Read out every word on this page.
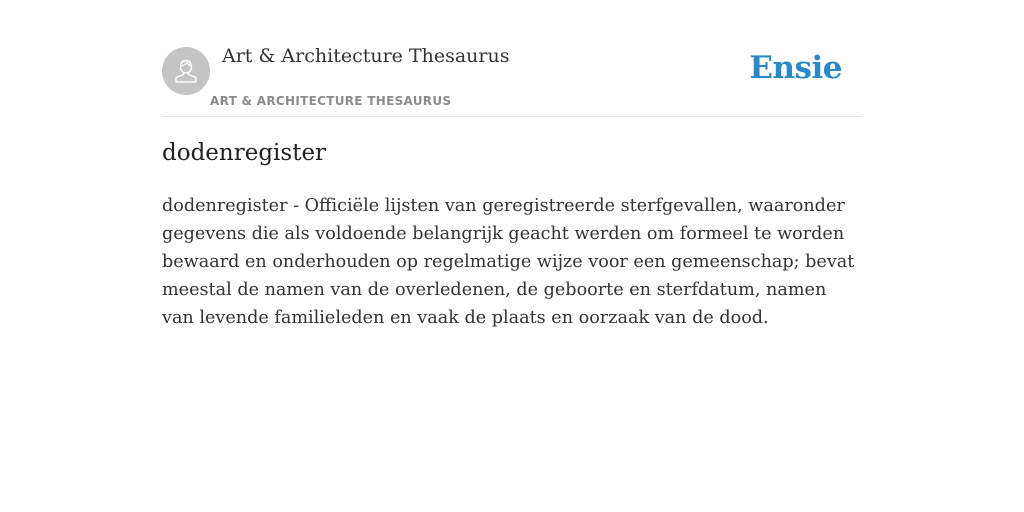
Art & Architecture Thesaurus
ART & ARCHITECTURE THESAURUS
Ensie
dodenregister

dodenregister - Officiële lijsten van geregistreerde sterfgevallen, waaronder gegevens die als voldoende belangrijk geacht werden om formeel te worden bewaard en onderhouden op regelmatige wijze voor een gemeenschap; bevat meestal de namen van de overledenen, de geboorte en sterfdatum, namen van levende familieleden en vaak de plaats en oorzaak van de dood.
